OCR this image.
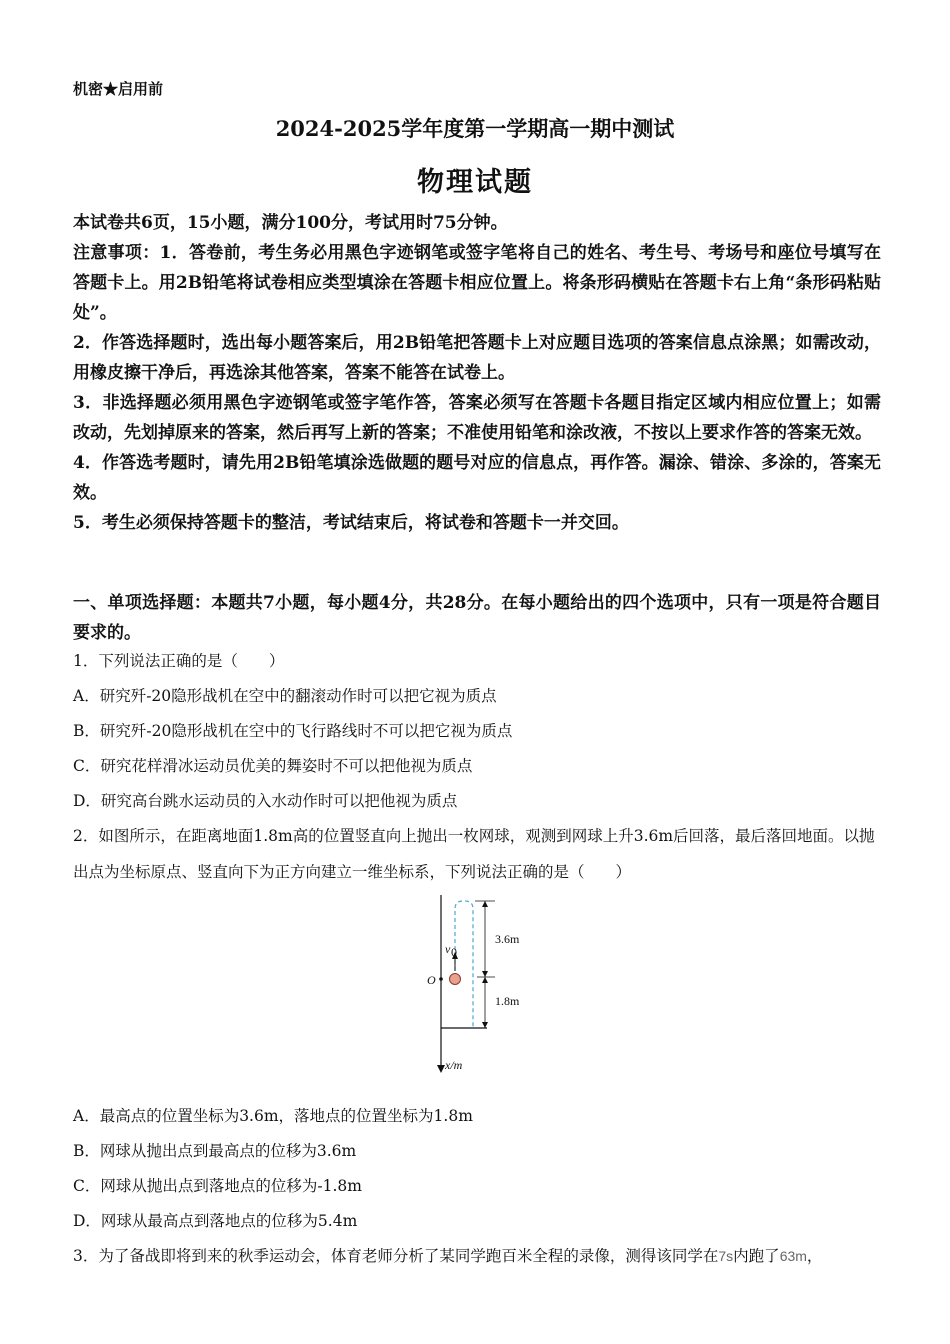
机密★启用前
2024-2025学年度第一学期高一期中测试
物理试题
本试卷共6页，15小题，满分100分，考试用时75分钟。

注意事项：1．答卷前，考生务必用黑色字迹钢笔或签字笔将自己的姓名、考生号、考场号和座位号填写在答题卡上。用2B铅笔将试卷相应类型填涂在答题卡相应位置上。将条形码横贴在答题卡右上角“条形码粘贴处”。

2．作答选择题时，选出每小题答案后，用2B铅笔把答题卡上对应题目选项的答案信息点涂黑；如需改动，用橡皮擦干净后，再选涂其他答案，答案不能答在试卷上。

3．非选择题必须用黑色字迹钢笔或签字笔作答，答案必须写在答题卡各题目指定区域内相应位置上；如需改动，先划掉原来的答案，然后再写上新的答案；不准使用铅笔和涂改液，不按以上要求作答的答案无效。

4．作答选考题时，请先用2B铅笔填涂选做题的题号对应的信息点，再作答。漏涂、错涂、多涂的，答案无效。

5．考生必须保持答题卡的整洁，考试结束后，将试卷和答题卡一并交回。

一、单项选择题：本题共7小题，每小题4分，共28分。在每小题给出的四个选项中，只有一项是符合题目要求的。

1．下列说法正确的是（　　）
A．研究歼-20隐形战机在空中的翻滚动作时可以把它视为质点
B．研究歼-20隐形战机在空中的飞行路线时不可以把它视为质点
C．研究花样滑冰运动员优美的舞姿时不可以把他视为质点
D．研究高台跳水运动员的入水动作时可以把他视为质点
2．如图所示，在距离地面1.8m高的位置竖直向上抛出一枚网球，观测到网球上升3.6m后回落，最后落回地面。以抛出点为坐标原点、竖直向下为正方向建立一维坐标系，下列说法正确的是（　　）
3.6m
1.8m
O
v 0
x/m
A．最高点的位置坐标为3.6m，落地点的位置坐标为1.8m
B．网球从抛出点到最高点的位移为3.6m
C．网球从抛出点到落地点的位移为-1.8m
D．网球从最高点到落地点的位移为5.4m
3．为了备战即将到来的秋季运动会，体育老师分析了某同学跑百米全程的录像，测得该同学在7s内跑了63m，
